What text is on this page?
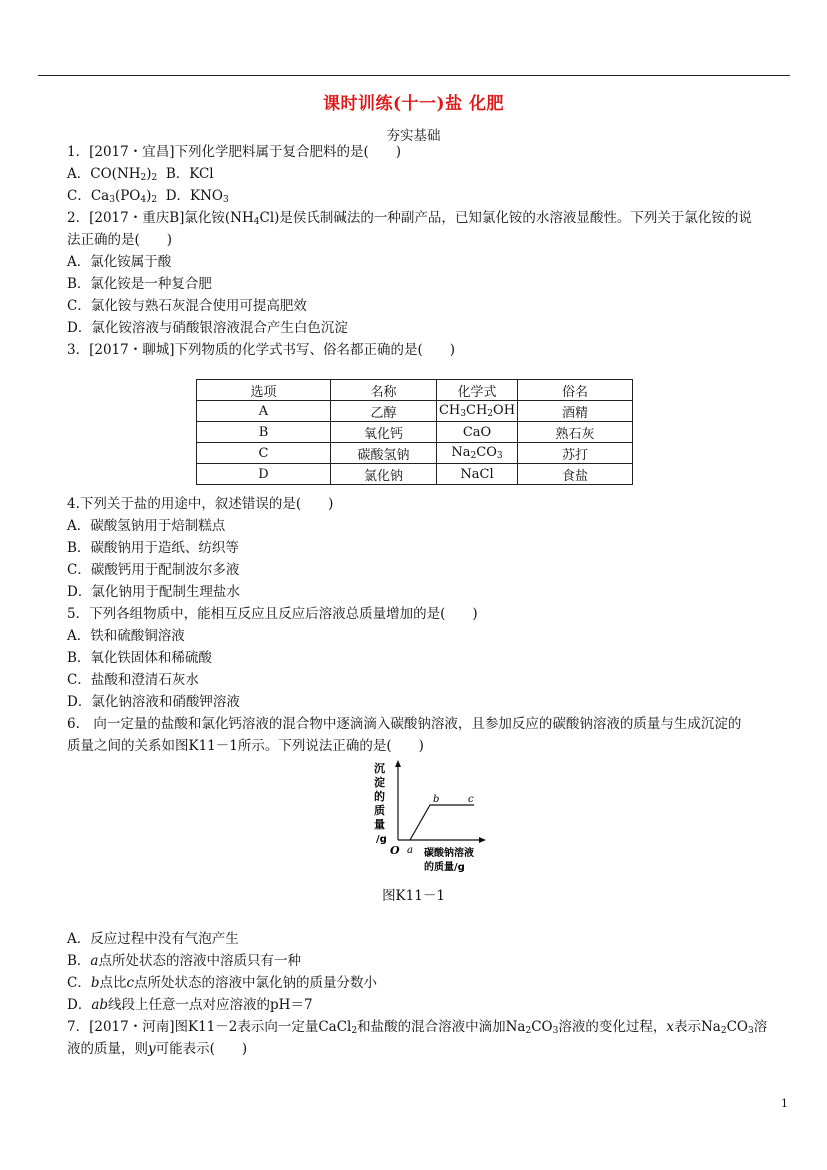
课时训练(十一)盐 化肥
夯实基础
1．[2017・宜昌]下列化学肥料属于复合肥料的是(　　)
A．$CO(NH_2)_2$  B．KCl
C．$Ca_3(PO_4)_2$  D．$KNO_3$
2．[2017・重庆B]氯化铵$(NH_4Cl)$是侯氏制碱法的一种副产品，已知氯化铵的水溶液显酸性。下列关于氯化铵的说
法正确的是(　　)
A．氯化铵属于酸
B．氯化铵是一种复合肥
C．氯化铵与熟石灰混合使用可提高肥效
D．氯化铵溶液与硝酸银溶液混合产生白色沉淀
3．[2017・聊城]下列物质的化学式书写、俗名都正确的是(　　)
选项	名称	化学式	俗名
A	乙醇	$CH_3CH_2OH$	酒精
B	氧化钙	CaO	熟石灰
C	碳酸氢钠	$Na_2CO_3$	苏打
D	氯化钠	NaCl	食盐
4.下列关于盐的用途中，叙述错误的是(　　)
A．碳酸氢钠用于焙制糕点
B．碳酸钠用于造纸、纺织等
C．碳酸钙用于配制波尔多液
D．氯化钠用于配制生理盐水
5．下列各组物质中，能相互反应且反应后溶液总质量增加的是(　　)
A．铁和硫酸铜溶液
B．氧化铁固体和稀硫酸
C．盐酸和澄清石灰水
D．氯化钠溶液和硝酸钾溶液
6.　向一定量的盐酸和氯化钙溶液的混合物中逐滴滴入碳酸钠溶液，且参加反应的碳酸钠溶液的质量与生成沉淀的
质量之间的关系如图K11－1所示。下列说法正确的是(　　)
沉
淀
的
质
量
/g
O a
b	c
碳酸钠溶液
的质量/g
图K11－1
A．反应过程中没有气泡产生
B．a点所处状态的溶液中溶质只有一种
C．b点比c点所处状态的溶液中氯化钠的质量分数小
D．ab线段上任意一点对应溶液的pH＝7
7．[2017・河南]图K11－2表示向一定量CaCl$_2$和盐酸的混合溶液中滴加$Na_2CO_3$溶液的变化过程，x表示$Na_2CO_3$溶
液的质量，则y可能表示(　　)
1
